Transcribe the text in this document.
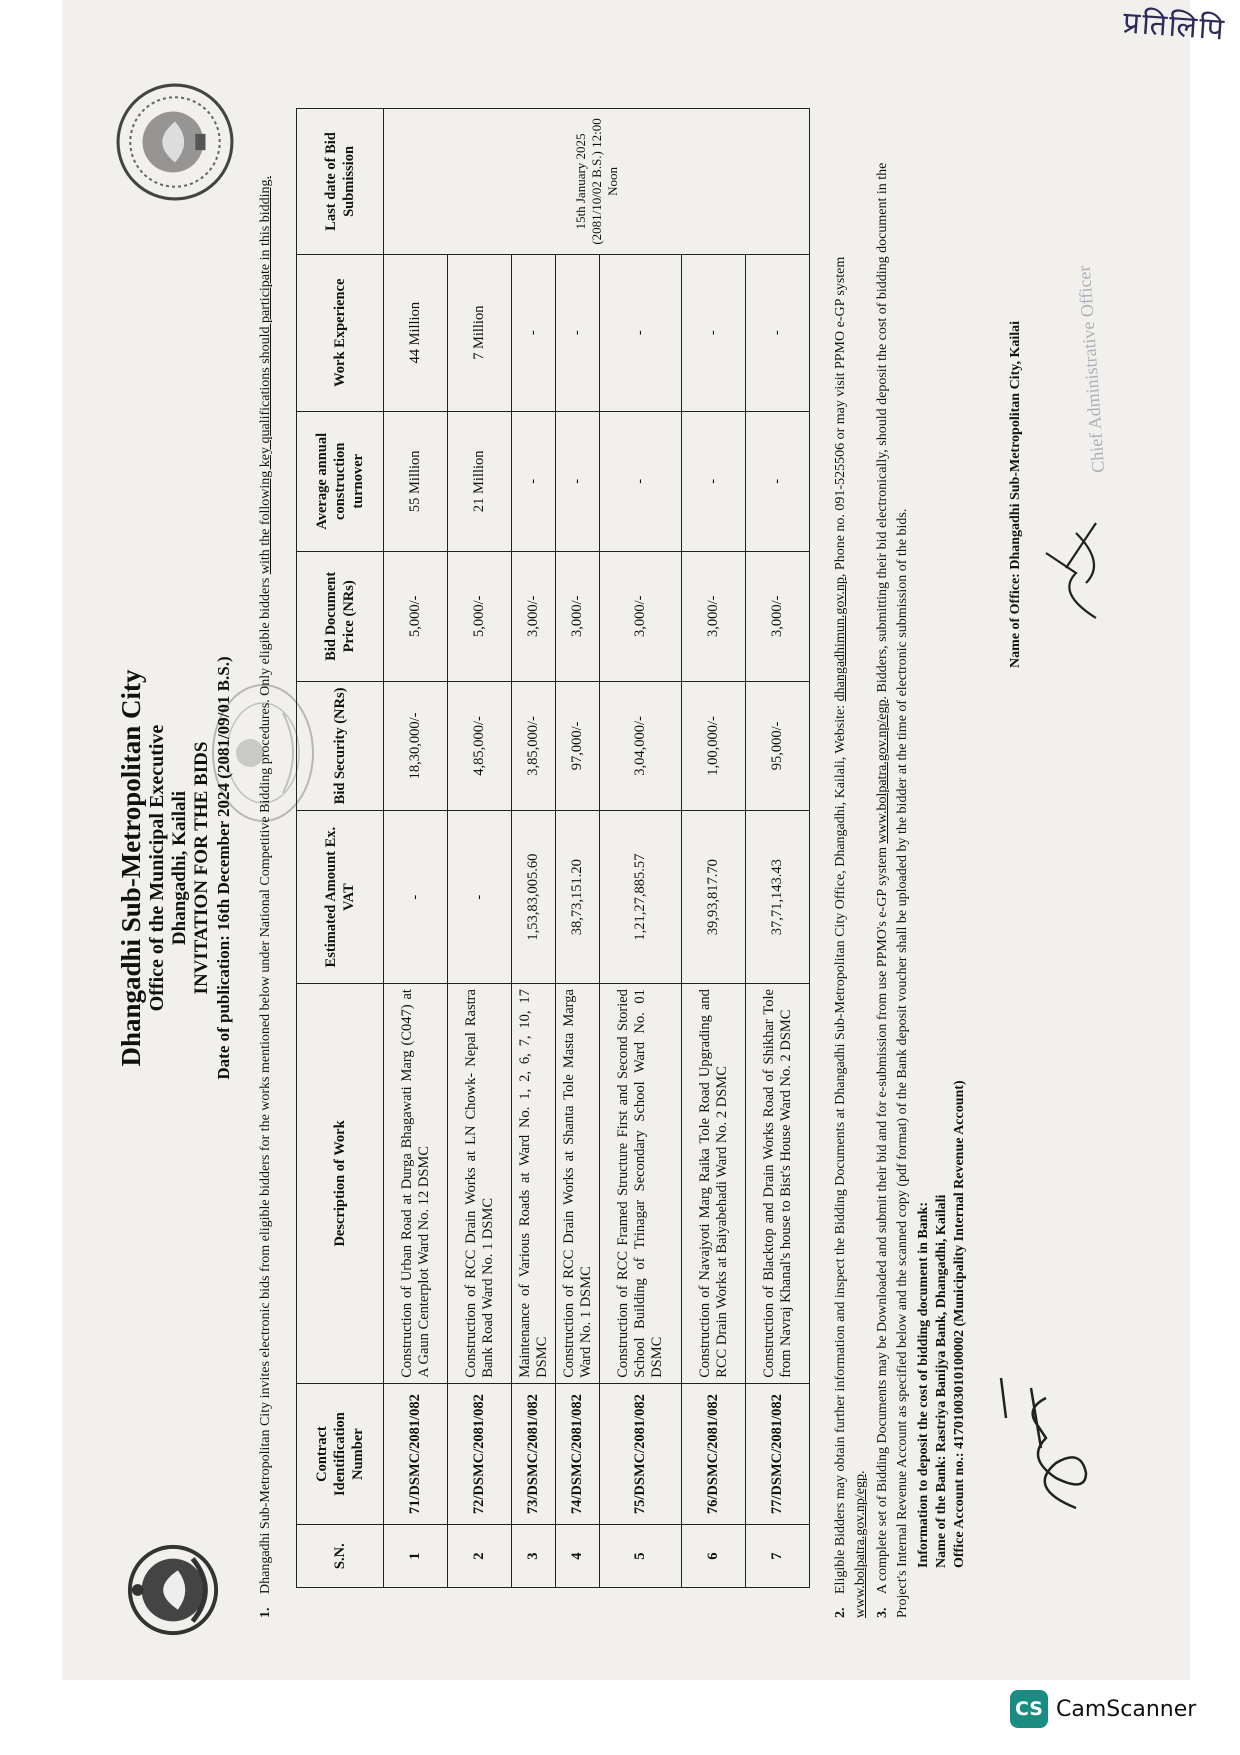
प्रतिलिपि
Dhangadhi Sub-Metropolitan City Office of the Municipal Executive Dhangadhi, Kailali INVITATION FOR THE BIDS Date of publication: 16th December 2024 (2081/09/01 B.S.)
1.Dhangadhi Sub-Metropolitan City invites electronic bids from eligible bidders for the works mentioned below under National Competitive Bidding procedures. Only eligible bidders with the following key qualifications should participate in this bidding.
S.N.	Contract Identification Number	Description of Work	Estimated Amount Ex. VAT	Bid Security (NRs)	Bid Document Price (NRs)	Average annual construction turnover	Work Experience	Last date of Bid Submission
1	71/DSMC/2081/082	Construction of Urban Road at Durga Bhagawati Marg (C047) at A Gaun Centerplot Ward No. 12 DSMC	-	18,30,000/-	5,000/-	55 Million	44 Million	15th January 2025 (2081/10/02 B.S.) 12:00 Noon
2	72/DSMC/2081/082	Construction of RCC Drain Works at LN Chowk- Nepal Rastra Bank Road Ward No. 1 DSMC	-	4,85,000/-	5,000/-	21 Million	7 Million	
3	73/DSMC/2081/082	Maintenance of Various Roads at Ward No. 1, 2, 6, 7, 10, 17 DSMC	1,53,83,005.60	3,85,000/-	3,000/-	-	-	
4	74/DSMC/2081/082	Construction of RCC Drain Works at Shanta Tole Masta Marga Ward No. 1 DSMC	38,73,151.20	97,000/-	3,000/-	-	-	
5	75/DSMC/2081/082	Construction of RCC Framed Structure First and Second Storied School Building of Trinagar Secondary School Ward No. 01 DSMC	1,21,27,885.57	3,04,000/-	3,000/-	-	-	
6	76/DSMC/2081/082	Construction of Navajyoti Marg Raika Tole Road Upgrading and RCC Drain Works at Baiyabehadi Ward No. 2 DSMC	39,93,817.70	1,00,000/-	3,000/-	-	-	
7	77/DSMC/2081/082	Construction of Blacktop and Drain Works Road of Shikhar Tole from Navraj Khanal's house to Bist's House Ward No. 2 DSMC	37,71,143.43	95,000/-	3,000/-	-	-	

2.Eligible Bidders may obtain further information and inspect the Bidding Documents at Dhangadhi Sub-Metropolitan City Office, Dhangadhi, Kailali, Website: dhangadhimun.gov.np, Phone no. 091-525506 or may visit PPMO e-GP system www.bolpatra.gov.np/egp.

3.A complete set of Bidding Documents may be Downloaded and submit their bid and for e-submission from use PPMO's e-GP system www.bolpatra.gov.np/egp. Bidders, submitting their bid electronically, should deposit the cost of bidding document in the Project's Internal Revenue Account as specified below and the scanned copy (pdf format) of the Bank deposit voucher shall be uploaded by the bidder at the time of electronic submission of the bids. Information to deposit the cost of bidding document in Bank: Name of the Bank: Rastriya Banijya Bank, Dhangadhi, Kailali Office Account no.: 41701003010100002 (Municipality Internal Revenue Account)
Name of Office: Dhangadhi Sub-Metropolitan City, Kailai	Chief Administrative Officer
CS CamScanner
